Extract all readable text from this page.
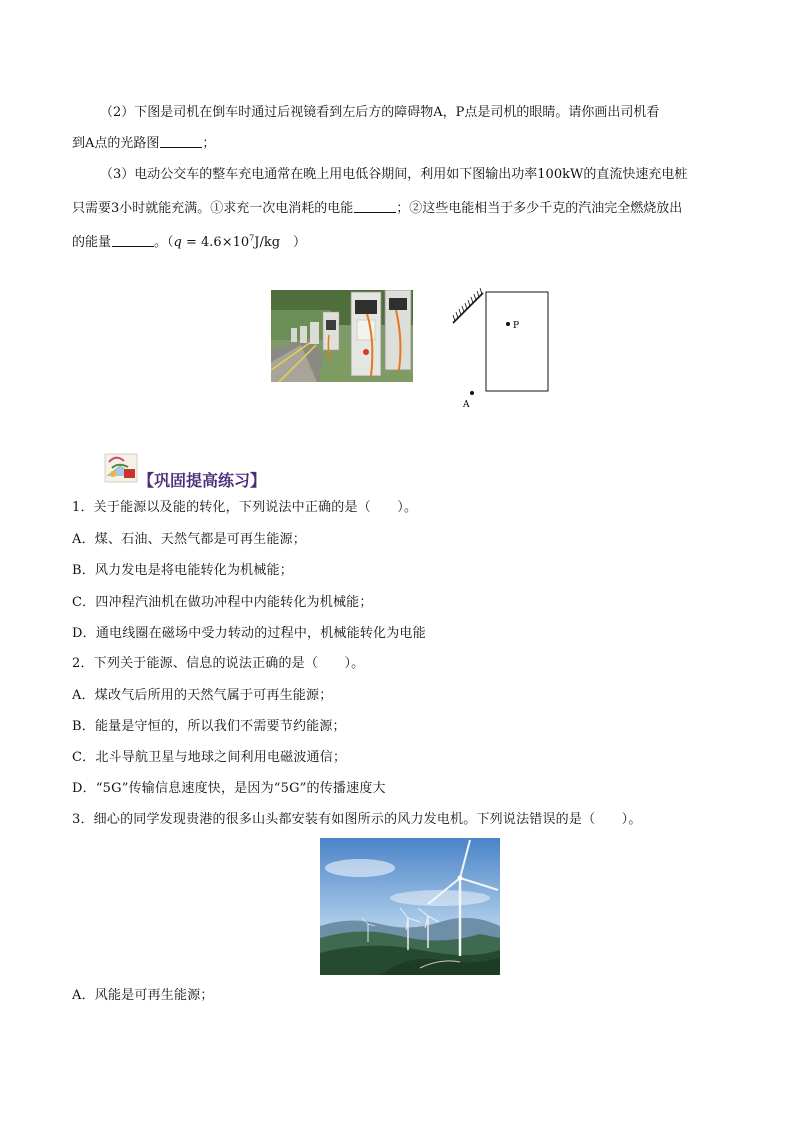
（2）下图是司机在倒车时通过后视镜看到左后方的障碍物A，P点是司机的眼睛。请你画出司机看
到A点的光路图	；
（3）电动公交车的整车充电通常在晚上用电低谷期间，利用如下图输出功率100kW的直流快速充电桩
只需要3小时就能充满。①求充一次电消耗的电能	；②这些电能相当于多少千克的汽油完全燃烧放出
的能量	。（$q = 4.6\times 10^7J/kg$　）
P
A
【巩固提高练习】
1．关于能源以及能的转化，下列说法中正确的是（　　）。
A．煤、石油、天然气都是可再生能源；
B．风力发电是将电能转化为机械能；
C．四冲程汽油机在做功冲程中内能转化为机械能；
D．通电线圈在磁场中受力转动的过程中，机械能转化为电能
2．下列关于能源、信息的说法正确的是（　　）。
A．煤改气后所用的天然气属于可再生能源；
B．能量是守恒的，所以我们不需要节约能源；
C．北斗导航卫星与地球之间利用电磁波通信；
D．“5G”传输信息速度快，是因为“5G”的传播速度大
3．细心的同学发现贵港的很多山头都安装有如图所示的风力发电机。下列说法错误的是（　　）。
A．风能是可再生能源；
